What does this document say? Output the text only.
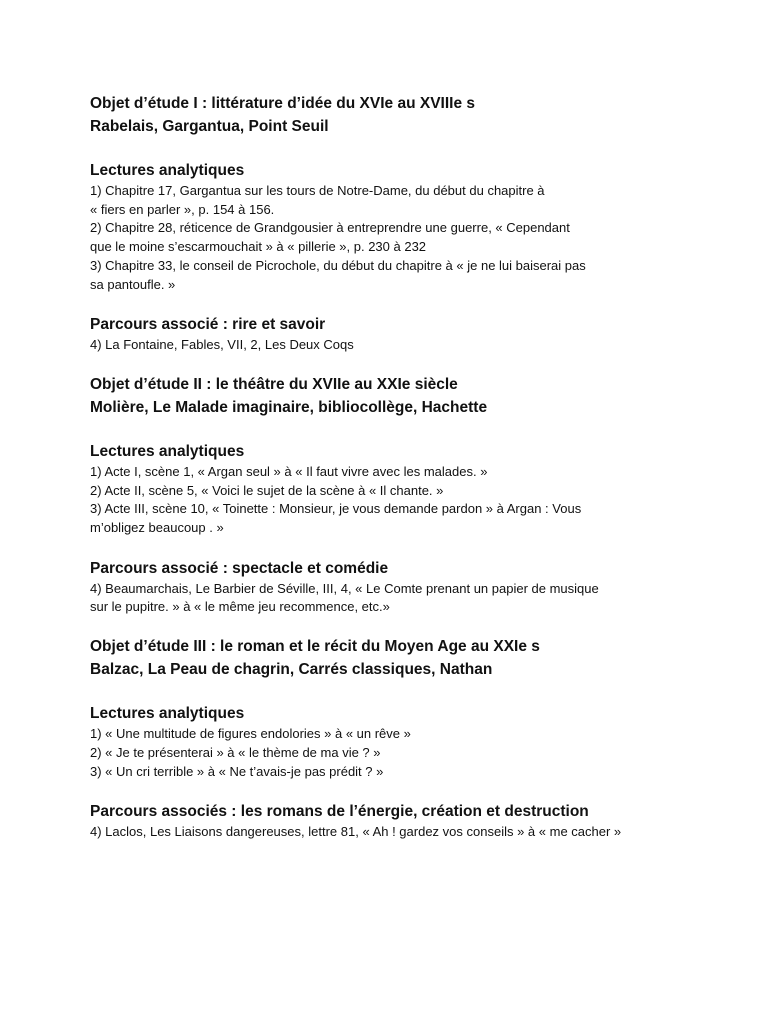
Objet d’étude I : littérature d’idée du XVIe au XVIIIe s

Rabelais, Gargantua, Point Seuil

Lectures analytiques

1) Chapitre 17, Gargantua sur les tours de Notre-Dame, du début du chapitre à

« fiers en parler », p. 154 à 156.

2) Chapitre 28, réticence de Grandgousier à entreprendre une guerre, « Cependant

que le moine s’escarmouchait » à « pillerie », p. 230 à 232

3) Chapitre 33, le conseil de Picrochole, du début du chapitre à « je ne lui baiserai pas

sa pantoufle. »

Parcours associé : rire et savoir

4) La Fontaine, Fables, VII, 2, Les Deux Coqs

Objet d’étude II : le théâtre du XVIIe au XXIe siècle

Molière, Le Malade imaginaire, bibliocollège, Hachette

Lectures analytiques

1) Acte I, scène 1, « Argan seul » à « Il faut vivre avec les malades. »

2) Acte II, scène 5, « Voici le sujet de la scène à « Il chante. »

3) Acte III, scène 10, « Toinette : Monsieur, je vous demande pardon » à Argan : Vous

m’obligez beaucoup . »

Parcours associé : spectacle et comédie

4) Beaumarchais, Le Barbier de Séville, III, 4, « Le Comte prenant un papier de musique

sur le pupitre. » à « le même jeu recommence, etc.»

Objet d’étude III : le roman et le récit du Moyen Age au XXIe s

Balzac, La Peau de chagrin, Carrés classiques, Nathan

Lectures analytiques

1) « Une multitude de figures endolories » à « un rêve »

2) « Je te présenterai » à « le thème de ma vie ? »

3) « Un cri terrible » à « Ne t’avais-je pas prédit ? »

Parcours associés : les romans de l’énergie, création et destruction

4) Laclos, Les Liaisons dangereuses, lettre 81, « Ah ! gardez vos conseils » à « me cacher »
